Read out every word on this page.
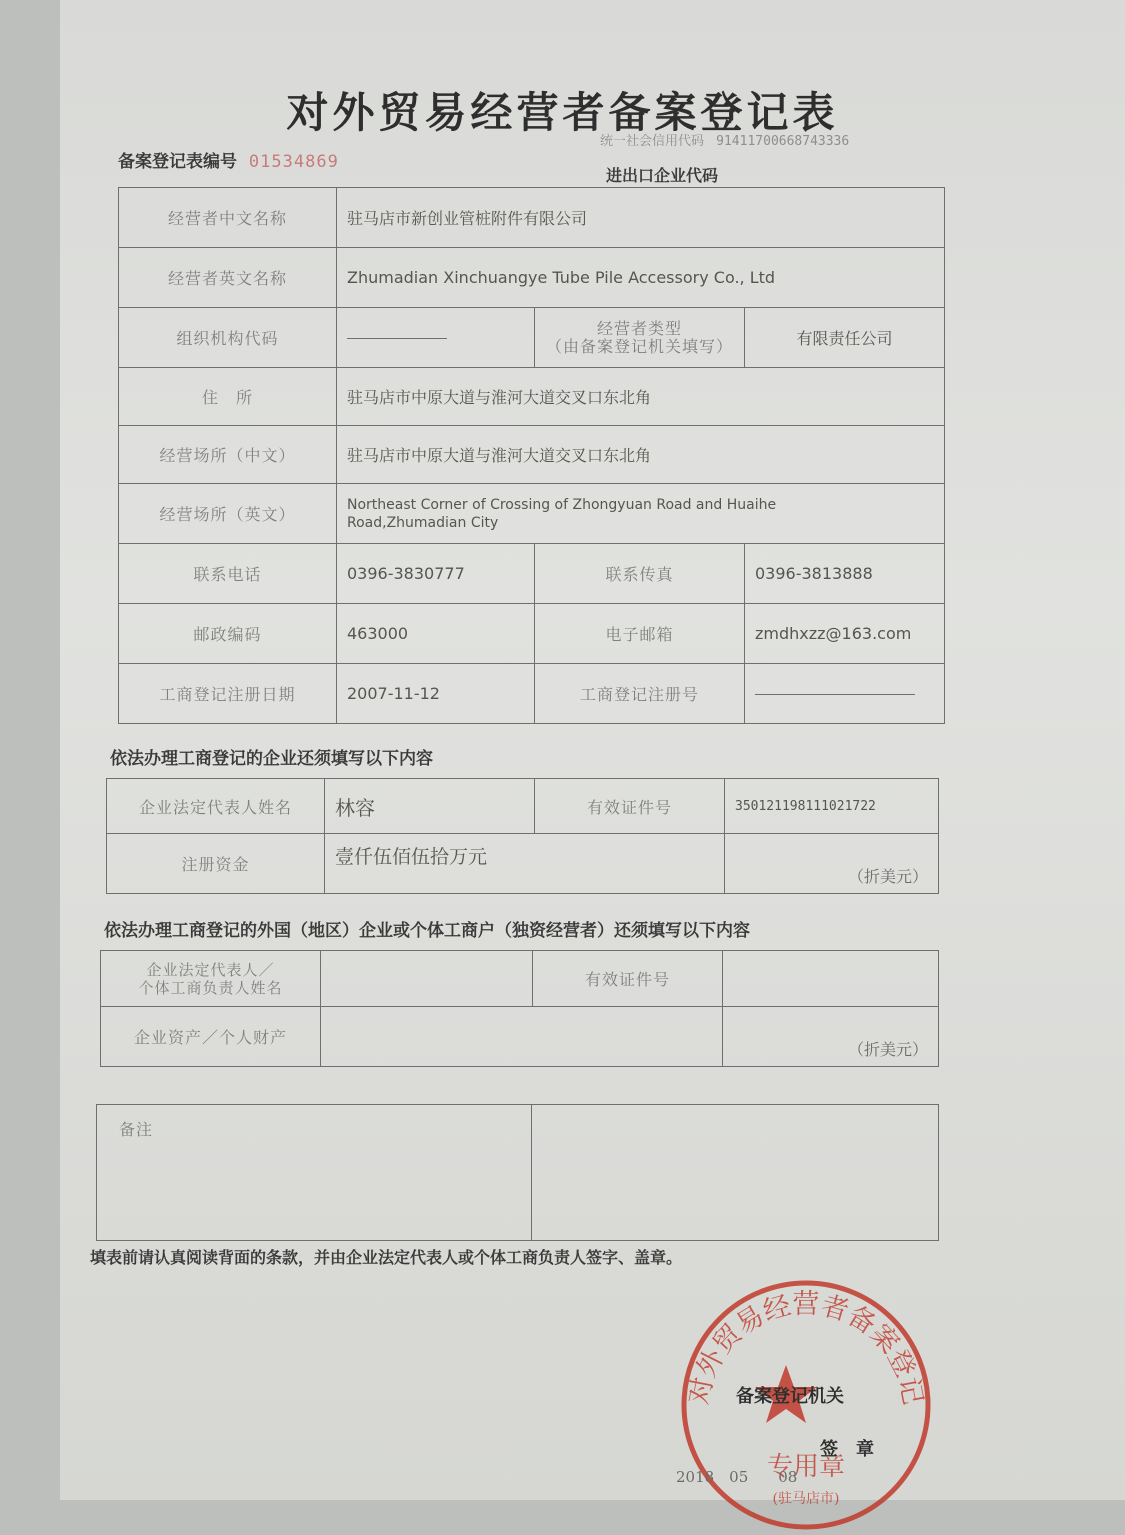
对外贸易经营者备案登记表
备案登记表编号 01534869
统一社会信用代码 91411700668743336
进出口企业代码
经营者中文名称	驻马店市新创业管桩附件有限公司		
经营者英文名称	Zhumadian Xinchuangye Tube Pile Accessory Co., Ltd		
组织机构代码		经营者类型
（由备案登记机关填写）	有限责任公司
住　所	驻马店市中原大道与淮河大道交叉口东北角		
经营场所（中文）	驻马店市中原大道与淮河大道交叉口东北角		
经营场所（英文）	Northeast Corner of Crossing of Zhongyuan Road and Huaihe
Road,Zhumadian City		

联系电话	0396-3830777	联系传真	0396-3813888
邮政编码	463000	电子邮箱	zmdhxzz@163.com
工商登记注册日期	2007-11-12	工商登记注册号	
依法办理工商登记的企业还须填写以下内容
企业法定代表人姓名	林容	有效证件号	350121198111021722
注册资金	壹仟伍佰伍拾万元		（折美元）
依法办理工商登记的外国（地区）企业或个体工商户（独资经营者）还须填写以下内容
企业法定代表人／
个体工商负责人姓名		有效证件号	
企业资产／个人财产			（折美元）
备注	
填表前请认真阅读背面的条款，并由企业法定代表人或个体工商负责人签字、盖章。
对外贸易经营者备案登记
专用章
(驻马店市)
备案登记机关
签　章
2018　05　　08
